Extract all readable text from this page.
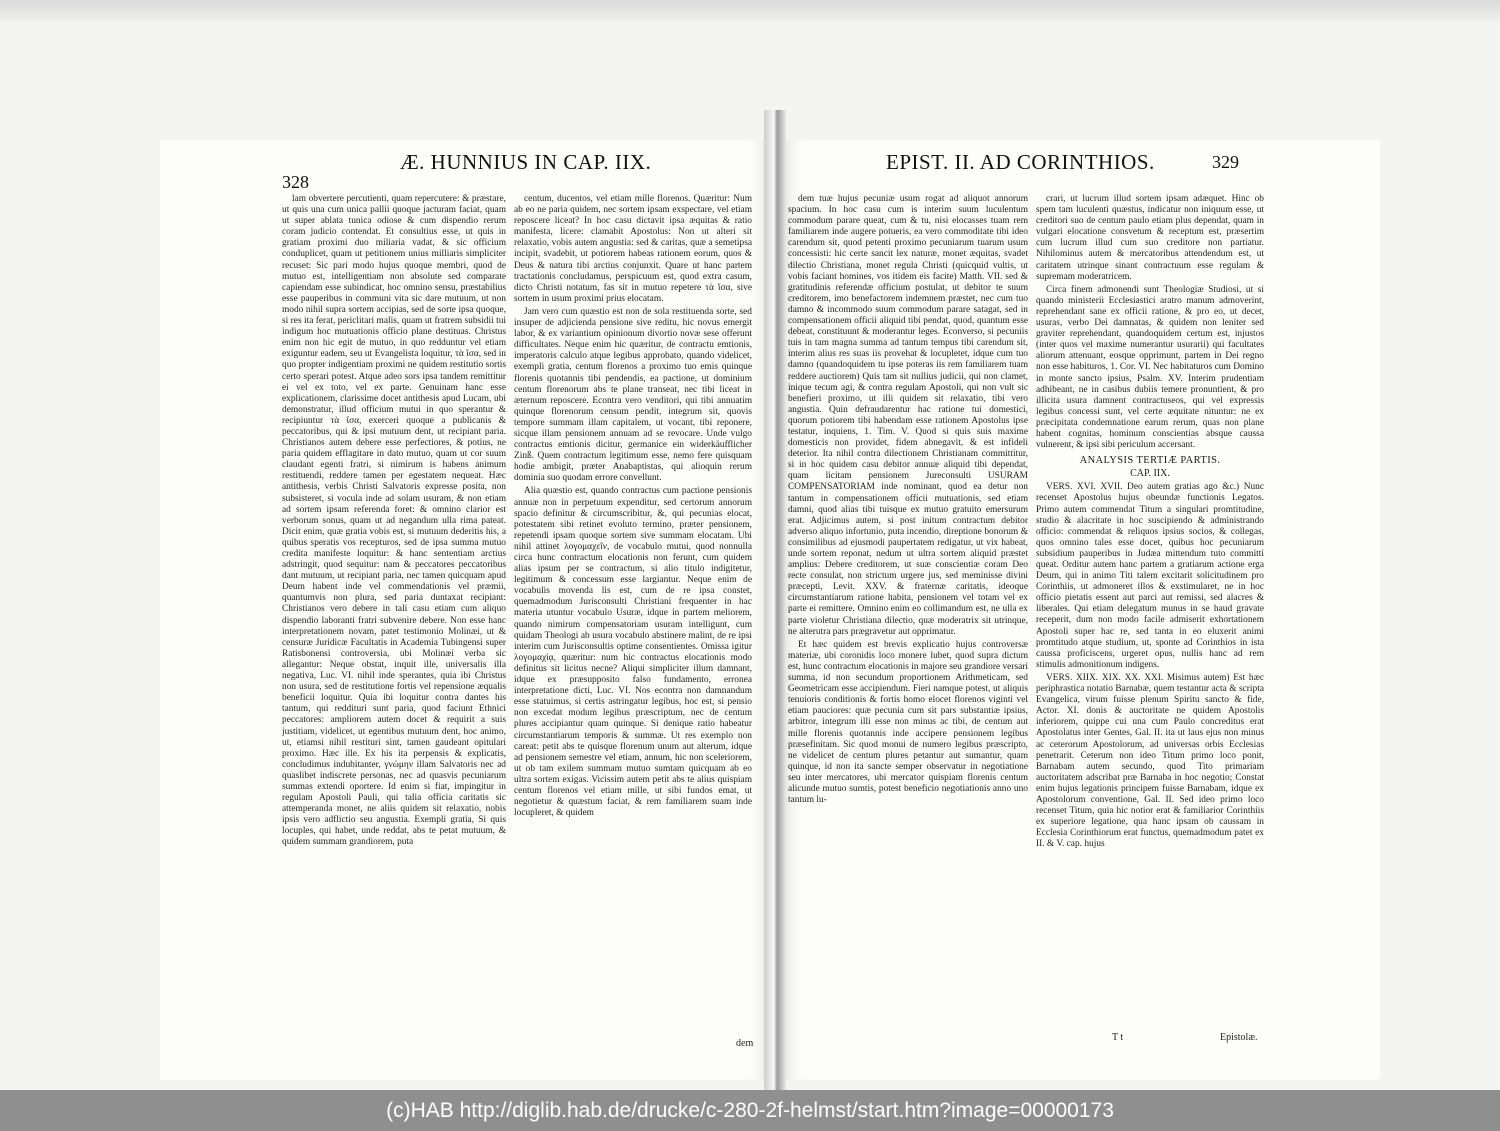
328
Æ. HUNNIUS IN CAP. IIX.

lam obvertere percutienti, quam repercutere: & præstare, ut quis una cum unica pallii quoque jacturam faciat, quam ut super ablata tunica odiose & cum dispendio rerum coram judicio contendat. Et consultius esse, ut quis in gratiam proximi duo miliaria vadat, & sic officium conduplicet, quam ut petitionem unius milliaris simpliciter recuset: Sic pari modo hujus quoque membri, quod de mutuo est, intelligentiam non absolute sed comparate capiendam esse subindicat, hoc omnino sensu, præstabilius esse pauperibus in communi vita sic dare mutuum, ut non modo nihil supra sortem accipias, sed de sorte ipsa quoque, si res ita ferat, periclitari malis, quam ut fratrem subsidii tui indigum hoc mutuationis officio plane destituas. Christus enim non hic egit de mutuo, in quo redduntur vel etiam exiguntur eadem, seu ut Evangelista loquitur, τὰ ἴσα, sed in quo propter indigentiam proximi ne quidem restitutio sortis certo sperari potest. Atque adeo sors ipsa tandem remittitur ei vel ex toto, vel ex parte. Genuinam hanc esse explicationem, clarissime docet antithesis apud Lucam, ubi demonstratur, illud officium mutui in quo sperantur & recipiuntur τὰ ἴσα, exerceri quoque a publicanis & peccatoribus, qui & ipsi mutuum dent, ut recipiant paria. Christianos autem debere esse perfectiores, & potius, ne paria quidem efflagitare in dato mutuo, quam ut cor suum claudant egenti fratri, si nimirum is habens animum restituendi, reddere tamen per egestatem nequeat. Hæc antithesis, verbis Christi Salvatoris expresse posita, non subsisteret, si vocula inde ad solam usuram, & non etiam ad sortem ipsam referenda foret: & omnino clarior est verborum sonus, quam ut ad negandum ulla rima pateat. Dicit enim, quæ gratia vobis est, si mutuum dederitis his, a quibus speratis vos recepturos, sed de ipsa summa mutuo credita manifeste loquitur: & hanc sententiam arctius adstringit, quod sequitur: nam & peccatores peccatoribus dant mutuum, ut recipiant paria, nec tamen quicquam apud Deum habent inde vel commendationis vel præmii, quantumvis non plura, sed paria duntaxat recipiant: Christianos vero debere in tali casu etiam cum aliquo dispendio laboranti fratri subvenire debere. Non esse hanc interpretationem novam, patet testimonio Molinæi, ut & censuræ Juridicæ Facultatis in Academia Tubingensi super Ratisbonensi controversia, ubi Molinæi verba sic allegantur: Neque obstat, inquit ille, universalis illa negativa, Luc. VI. nihil inde sperantes, quia ibi Christus non usura, sed de restitutione fortis vel repensione æqualis beneficii loquitur. Quia ibi loquitur contra dantes his tantum, qui reddituri sunt paria, quod faciunt Ethnici peccatores: ampliorem autem docet & requirit a suis justitiam, videlicet, ut egentibus mutuum dent, hoc animo, ut, etiamsi nihil restituri sint, tamen gaudeant opitulari proximo. Hæc ille. Ex his ita perpensis & explicatis, concludimus indubitanter, γνώμην illam Salvatoris nec ad quaslibet indiscrete personas, nec ad quasvis pecuniarum summas extendi oportere. Id enim si fiat, impingitur in regulam Apostoli Pauli, qui talia officia caritatis sic attemperanda monet, ne aliis quidem sit relaxatio, nobis ipsis vero adflictio seu angustia. Exempli gratia, Si quis locuples, qui habet, unde reddat, abs te petat mutuum, & quidem summam grandiorem, puta

centum, ducentos, vel etiam mille florenos. Quæritur: Num ab eo ne paria quidem, nec sortem ipsam exspectare, vel etiam reposcere liceat? In hoc casu dictavit ipsa æquitas & ratio manifesta, licere: clamabit Apostolus: Non ut alteri sit relaxatio, vobis autem angustia: sed & caritas, quæ a semetipsa incipit, svadebit, ut potiorem habeas rationem eorum, quos & Deus & natura tibi arctius conjunxit. Quare ut hanc partem tractationis concludamus, perspicuum est, quod extra casum, dicto Christi notatum, fas sit in mutuo repetere τὰ ἴσα, sive sortem in usum proximi prius elocatam.

Jam vero cum quæstio est non de sola restituenda sorte, sed insuper de adjicienda pensione sive reditu, hic novus emergit labor, & ex variantium opinionum divortio novæ sese offerunt difficultates. Neque enim hic quæritur, de contractu emtionis, imperatoris calculo atque legibus approbato, quando videlicet, exempli gratia, centum florenos a proximo tuo emis quinque florenis quotannis tibi pendendis, ea pactione, ut dominium centum florenorum abs te plane transeat, nec tibi liceat in æternum reposcere. Econtra vero venditori, qui tibi annuatim quinque florenorum censum pendit, integrum sit, quovis tempore summam illam capitalem, ut vocant, tibi reponere, sicque illam pensionem annuam ad se revocare. Unde vulgo contractus emtionis dicitur, germanice ein widerkäufflicher Zinß. Quem contractum legitimum esse, nemo fere quisquam hodie ambigit, præter Anabaptistas, qui alioquin rerum dominia suo quodam errore convellunt.

Alia quæstio est, quando contractus cum pactione pensionis annuæ non in perpetuum expenditur, sed certorum annorum spacio definitur & circumscribitur, &, qui pecunias elocat, potestatem sibi retinet evoluto termino, præter pensionem, repetendi ipsam quoque sortem sive summam elocatam. Ubi nihil attinet λογομαχεῖν, de vocabulo mutui, quod nonnulla circa hunc contractum elocationis non ferunt, cum quidem alias ipsum per se contractum, si alio titulo indigitetur, legitimum & concessum esse largiantur. Neque enim de vocabulis movenda lis est, cum de re ipsa constet, quemadmodum Jurisconsulti Christiani frequenter in hac materia utuntur vocabulo Usuræ, idque in partem meliorem, quando nimirum compensatoriam usuram intelligunt, cum quidam Theologi ab usura vocabulo abstinere malint, de re ipsi interim cum Jurisconsultis optime consentientes. Omissa igitur λογομαχίᾳ, quæritur: num hic contractus elocationis modo definitus sit licitus necne? Aliqui simpliciter illum damnant, idque ex præsupposito falso fundamento, erronea interpretatione dicti, Luc. VI. Nos econtra non damnandum esse statuimus, si certis astringatur legibus, hoc est, si pensio non excedat modum legibus præscriptum, nec de centum plures accipiantur quam quinque. Si denique ratio habeatur circumstantiarum temporis & summæ. Ut res exemplo non careat: petit abs te quisque florenum unum aut alterum, idque ad pensionem semestre vel etiam, annum, hic non sceleriorem, ut ob tam exilem summam mutuo sumtam quicquam ab eo ultra sortem exigas. Vicissim autem petit abs te alius quispiam centum florenos vel etiam mille, ut sibi fundos emat, ut negotietur & quæstum faciat, & rem familiarem suam inde locupleret, & quidem

dem
EPIST. II. AD CORINTHIOS.	329

dem tuæ hujus pecuniæ usum rogat ad aliquot annorum spacium. In hoc casu cum is interim suum luculentum commodum parare queat, cum & tu, nisi elocasses tuam rem familiarem inde augere potueris, ea vero commoditate tibi ideo carendum sit, quod petenti proximo pecuniarum tuarum usum concessisti: hic certe sancit lex naturæ, monet æquitas, svadet dilectio Christiana, monet regula Christi (quicquid vultis, ut vobis faciant homines, vos itidem eis facite) Matth. VII. sed & gratitudinis referendæ officium postulat, ut debitor te suum creditorem, imo benefactorem indemnem præstet, nec cum tuo damno & incommodo suum commodum parare satagat, sed in compensationem officii aliquid tibi pendat, quod, quantum esse debeat, constituunt & moderantur leges. Econverso, si pecuniis tuis in tam magna summa ad tantum tempus tibi carendum sit, interim alius res suas iis provehat & locupletet, idque cum tuo damno (quandoquidem tu ipse poteras iis rem familiarem tuam reddere auctiorem) Quis tam sit nullius judicii, qui non clamet, inique tecum agi, & contra regulam Apostoli, qui non vult sic benefieri proximo, ut illi quidem sit relaxatio, tibi vero angustia. Quin defraudarentur hac ratione tui domestici, quorum potiorem tibi habendam esse rationem Apostolus ipse testatur, inquiens, 1. Tim. V. Quod si quis suis maxime domesticis non providet, fidem abnegavit, & est infideli deterior. Ita nihil contra dilectionem Christianam committitur, si in hoc quidem casu debitor annuæ aliquid tibi dependat, quam licitam pensionem Jureconsulti USURAM COMPENSATORIAM inde nominant, quod ea detur non tantum in compensationem officii mutuationis, sed etiam damni, quod alias tibi tuisque ex mutuo gratuito emersurum erat. Adjicimus autem, si post initum contractum debitor adverso aliquo infortunio, puta incendio, direptione bonorum & consimilibus ad ejusmodi paupertatem redigatur, ut vix habeat, unde sortem reponat, nedum ut ultra sortem aliquid præstet amplius: Debere creditorem, ut suæ conscientiæ coram Deo recte consulat, non strictum urgere jus, sed meminisse divini præcepti, Levit. XXV. & fraternæ caritatis, ideoque circumstantiarum ratione habita, pensionem vel totam vel ex parte ei remittere. Omnino enim eo collimandum est, ne ulla ex parte violetur Christiana dilectio, quæ moderatrix sit utrinque, ne alterutra pars prægravetur aut opprimatur.

Et hæc quidem est brevis explicatio hujus controversæ materiæ, ubi coronidis loco monere lubet, quod supra dictum est, hunc contractum elocationis in majore seu grandiore versari summa, id non secundum proportionem Arithmeticam, sed Geometricam esse accipiendum. Fieri namque potest, ut aliquis tenuioris conditionis & fortis homo elocet florenos viginti vel etiam pauciores: quæ pecunia cum sit pars substantiæ ipsius, arbitror, integrum illi esse non minus ac tibi, de centum aut mille florenis quotannis inde accipere pensionem legibus præsefinitam. Sic quod monui de numero legibus præscripto, ne videlicet de centum plures petantur aut sumantur, quam quinque, id non ita sancte semper observatur in negotiatione seu inter mercatores, ubi mercator quispiam florenis centum alicunde mutuo sumtis, potest beneficio negotiationis anno uno tantum lu-

crari, ut lucrum illud sortem ipsam adæquet. Hinc ob spem tam luculenti quæstus, indicatur non iniquum esse, ut creditori suo de centum paulo etiam plus dependat, quam in vulgari elocatione consvetum & receptum est, præsertim cum lucrum illud cum suo creditore non partiatur. Nihilominus autem & mercatoribus attendendum est, ut caritatem utrinque sinant contractuum esse regulam & supremam moderatricem.

Circa finem admonendi sunt Theologiæ Studiosi, ut si quando ministerii Ecclesiastici aratro manum admoverint, reprehendant sane ex officii ratione, & pro eo, ut decet, usuras, verbo Dei damnatas, & quidem non leniter sed graviter reprehendant, quandoquidem certum est, injustos (inter quos vel maxime numerantur usurarii) qui facultates aliorum attenuant, eosque opprimunt, partem in Dei regno non esse habituros, 1. Cor. VI. Nec habitaturos cum Domino in monte sancto ipsius, Psalm. XV. Interim prudentiam adhibeant, ne in casibus dubiis temere pronuntient, & pro illicita usura damnent contractuseos, qui vel expressis legibus concessi sunt, vel certe æquitate nituntur: ne ex præcipitata condemnatione earum rerum, quas non plane habent cognitas, hominum conscientias absque caussa vulnerent, & ipsi sibi periculum accersant.

ANALYSIS TERTIÆ PARTIS.
CAP. IIX.

VERS. XVI. XVII. Deo autem gratias ago &c.) Nunc recenset Apostolus hujus obeundæ functionis Legatos. Primo autem commendat Titum a singulari promtitudine, studio & alacritate in hoc suscipiendo & administrando officio: commendat & reliquos ipsius socios, & collegas, quos omnino tales esse docet, quibus hoc pecuniarum subsidium pauperibus in Judæa mittendum tuto committi queat. Orditur autem hanc partem a gratiarum actione erga Deum, qui in animo Titi talem excitarit solicitudinem pro Corinthiis, ut admoneret illos & exstimularet, ne in hoc officio pietatis essent aut parci aut remissi, sed alacres & liberales. Qui etiam delegatum munus in se haud gravate receperit, dum non modo facile admiserit exhortationem Apostoli super hac re, sed tanta in eo eluxerit animi promtitudo atque studium, ut, sponte ad Corinthios in ista caussa proficiscens, urgeret opus, nullis hanc ad rem stimulis admonitionum indigens.

VERS. XIIX. XIX. XX. XXI. Misimus autem) Est hæc periphrastica notatio Barnabæ, quem testantur acta & scripta Evangelica, virum fuisse plenum Spiritu sancto & fide, Actor. XI. donis & auctoritate ne quidem Apostolis inferiorem, quippe cui una cum Paulo concreditus erat Apostolatus inter Gentes, Gal. II. ita ut laus ejus non minus ac ceterorum Apostolorum, ad universas orbis Ecclesias penetrarit. Ceterum non ideo Titum primo loco ponit, Barnabam autem secundo, quod Tito primariam auctoritatem adscribat præ Barnaba in hoc negotio; Constat enim hujus legationis principem fuisse Barnabam, idque ex Apostolorum conventione, Gal. II. Sed ideo primo loco recenset Titum, quia hic notior erat & familiarior Corinthiis ex superiore legatione, qua hanc ipsam ob caussam in Ecclesia Corinthiorum erat functus, quemadmodum patet ex II. & V. cap. hujus

T t	Epistolæ.
(c)HAB http://diglib.hab.de/drucke/c-280-2f-helmst/start.htm?image=00000173
